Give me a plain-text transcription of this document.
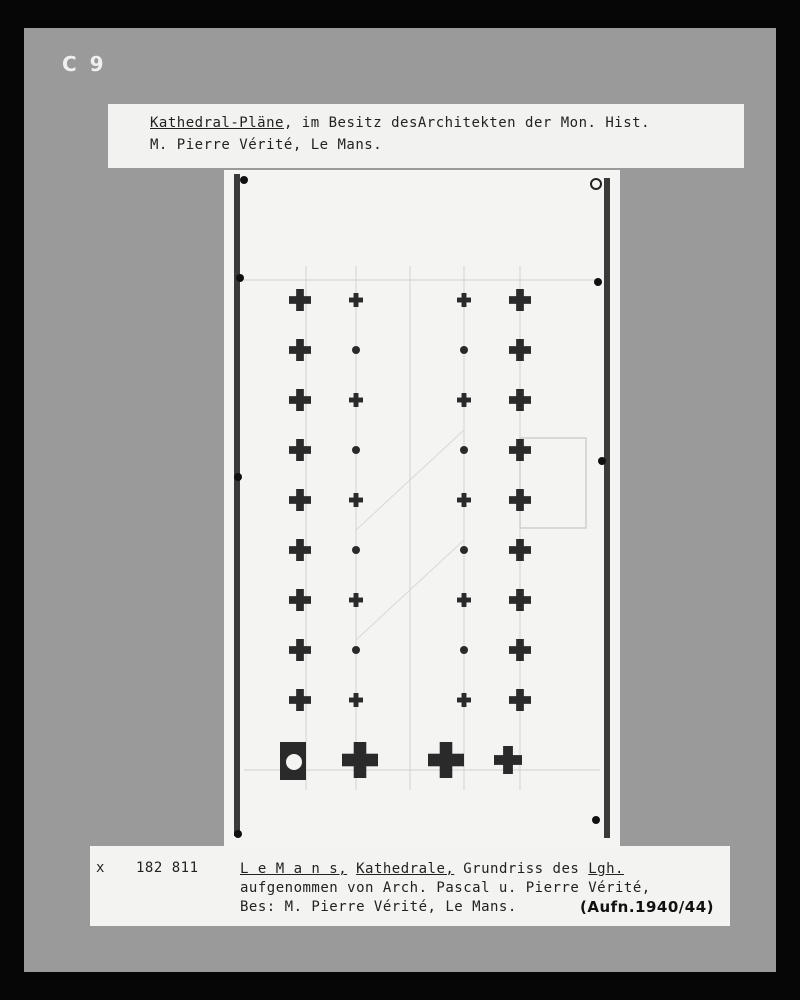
C 9
Kathedral-Pläne, im Besitz desArchitekten der Mon. Hist.
M. Pierre Vérité, Le Mans.
x 182 811	L e M a n s, Kathedrale, Grundriss des Lgh.
aufgenommen von Arch. Pascal u. Pierre Vérité,
Bes: M. Pierre Vérité, Le Mans.	(Aufn.1940/44)
